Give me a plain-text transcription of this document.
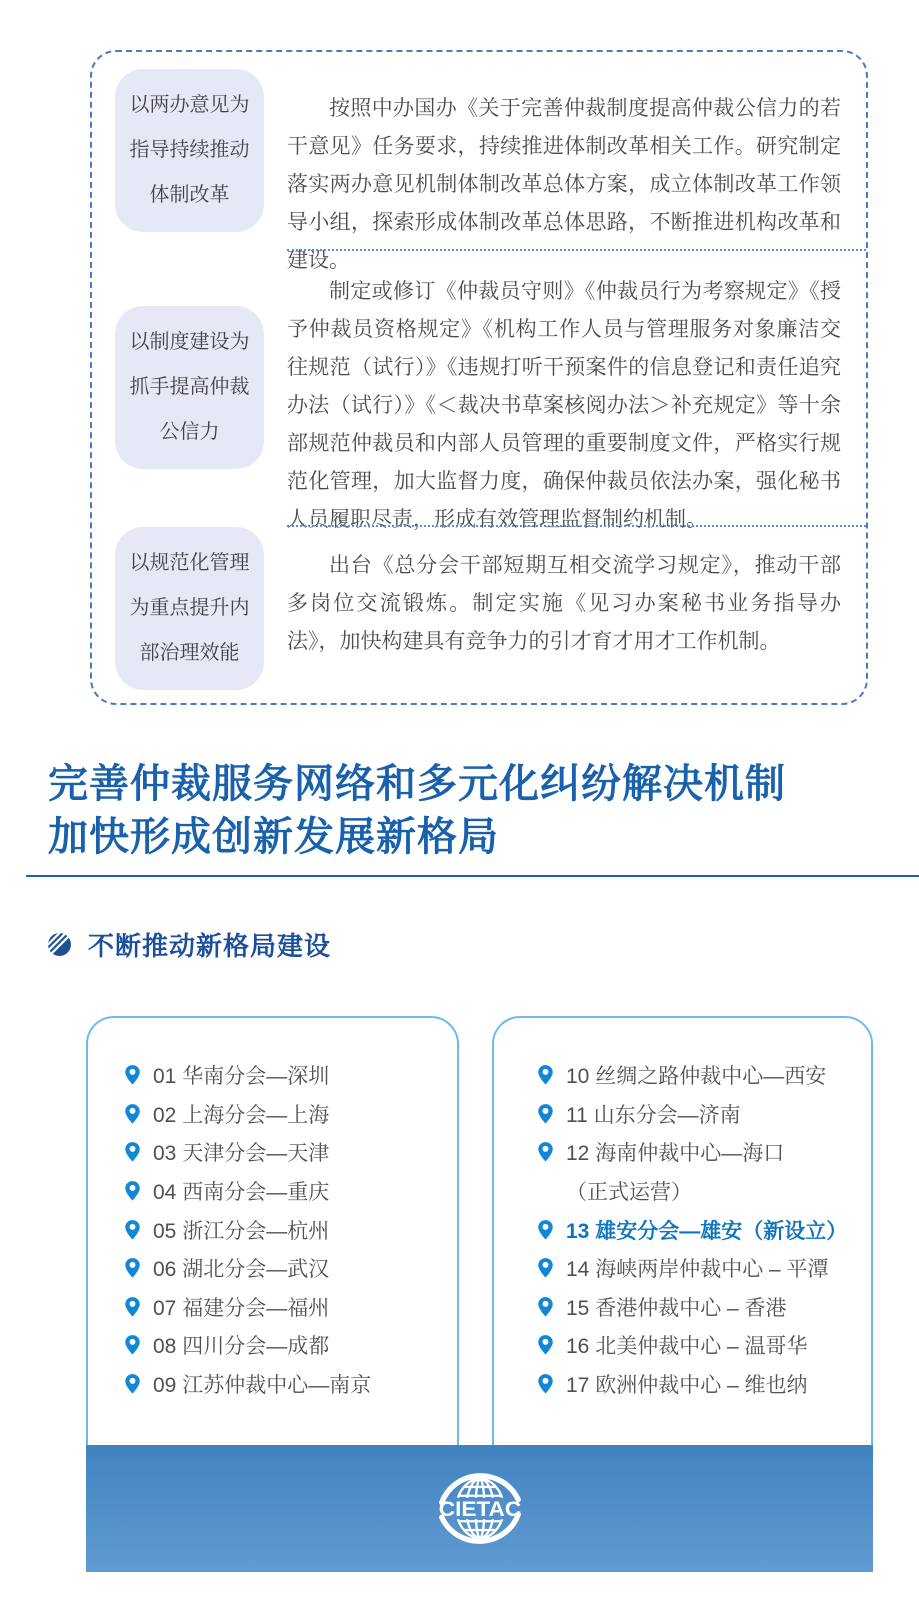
以两办意见为
指导持续推动
体制改革

按照中办国办《关于完善仲裁制度提高仲裁公信力的若干意见》任务要求，持续推进体制改革相关工作。研究制定落实两办意见机制体制改革总体方案，成立体制改革工作领导小组，探索形成体制改革总体思路，不断推进机构改革和建设。

以制度建设为
抓手提高仲裁
公信力

制定或修订《仲裁员守则》《仲裁员行为考察规定》《授予仲裁员资格规定》《机构工作人员与管理服务对象廉洁交往规范（试行）》《违规打听干预案件的信息登记和责任追究办法（试行）》《＜裁决书草案核阅办法＞补充规定》等十余部规范仲裁员和内部人员管理的重要制度文件，严格实行规范化管理，加大监督力度，确保仲裁员依法办案，强化秘书人员履职尽责，形成有效管理监督制约机制。

以规范化管理
为重点提升内
部治理效能

出台《总分会干部短期互相交流学习规定》，推动干部多岗位交流锻炼。制定实施《见习办案秘书业务指导办法》，加快构建具有竞争力的引才育才用才工作机制。

完善仲裁服务网络和多元化纠纷解决机制
加快形成创新发展新格局
不断推动新格局建设
01 华南分会—深圳
02 上海分会—上海
03 天津分会—天津
04 西南分会—重庆
05 浙江分会—杭州
06 湖北分会—武汉
07 福建分会—福州
08 四川分会—成都
09 江苏仲裁中心—南京
10 丝绸之路仲裁中心—西安
11 山东分会—济南
12 海南仲裁中心—海口
（正式运营）
13 雄安分会—雄安（新设立）
14 海峡两岸仲裁中心 – 平潭
15 香港仲裁中心 – 香港
16 北美仲裁中心 – 温哥华
17 欧洲仲裁中心 – 维也纳
CIETAC
